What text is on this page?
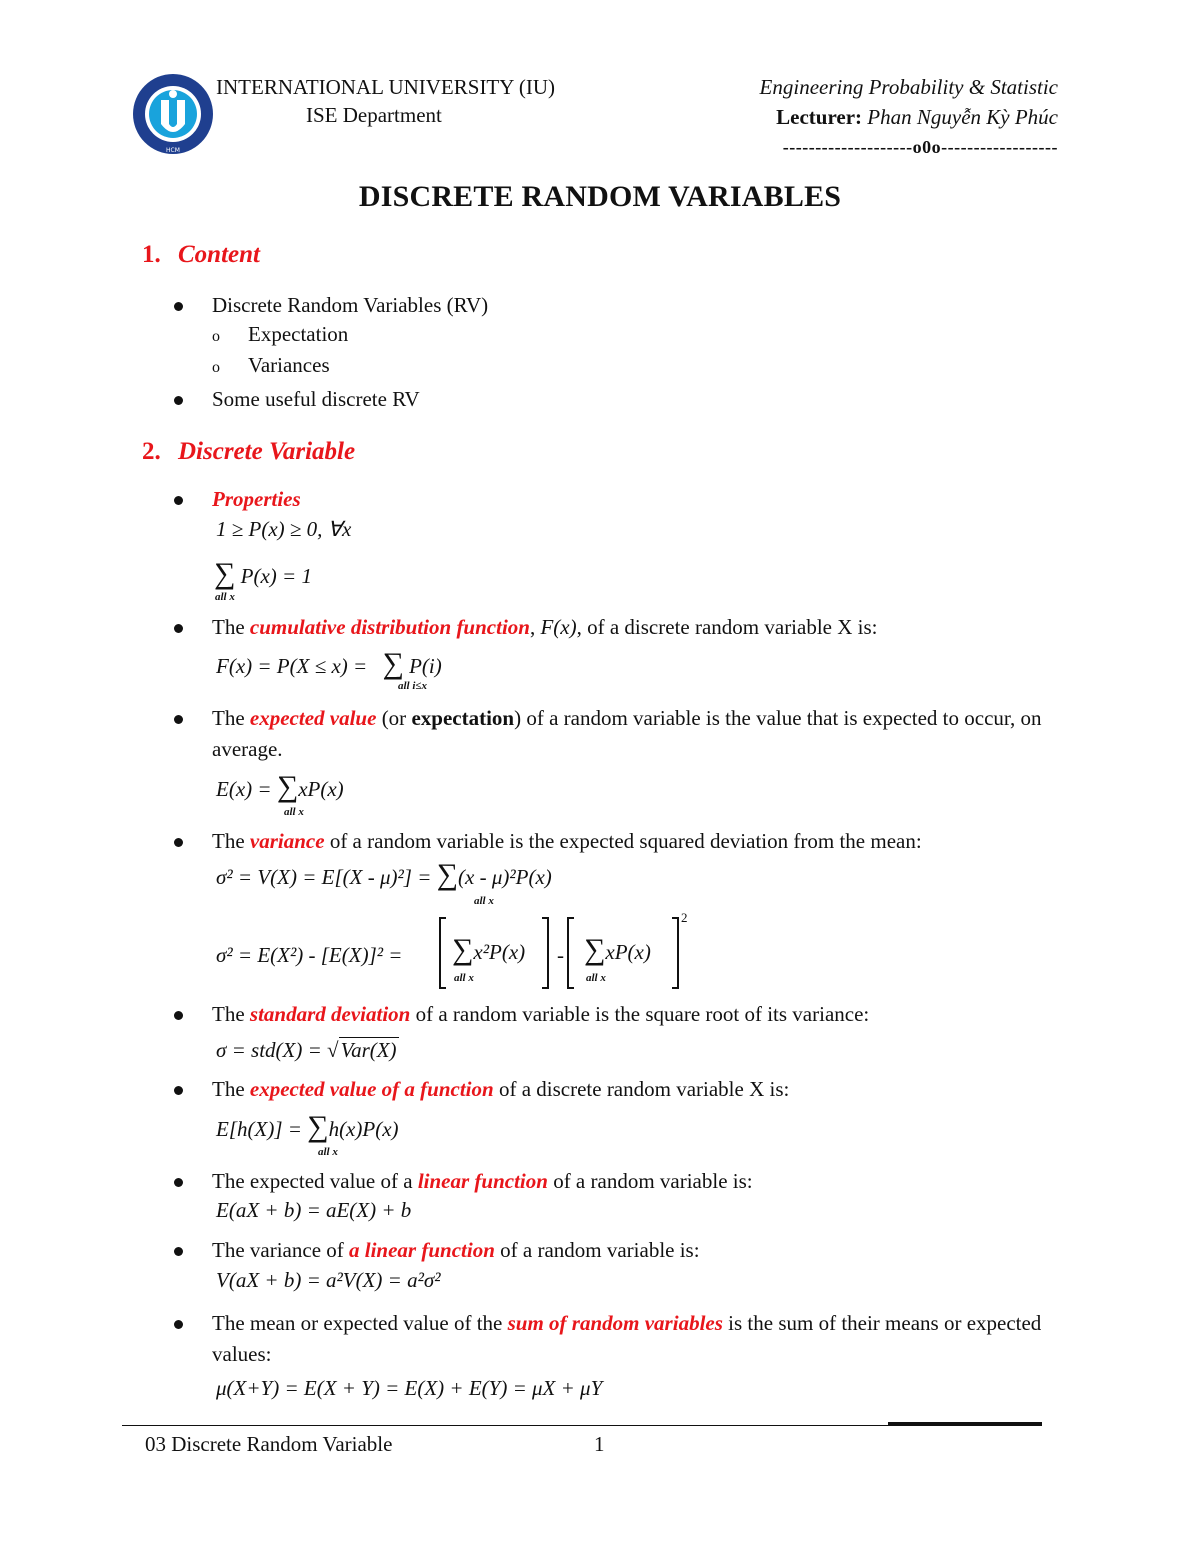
HCM
INTERNATIONAL UNIVERSITY (IU)
ISE Department
Engineering Probability & Statistic
Lecturer: Phan Nguyễn Kỳ Phúc
--------------------o0o------------------
DISCRETE RANDOM VARIABLES
1. Content
Discrete Random Variables (RV)
o Expectation
o Variances
Some useful discrete RV
2. Discrete Variable
Properties
1 ≥ P(x) ≥ 0, ∀x
∑ P(x) = 1
all x
The cumulative distribution function, F(x), of a discrete random variable X is:
F(x) = P(X ≤ x) = ∑ P(i)
all i≤x
The expected value (or expectation) of a random variable is the value that is expected to occur, on average.
E(x) = ∑xP(x)
all x
The variance of a random variable is the expected squared deviation from the mean:
σ² = V(X) = E[(X - μ)²] = ∑(x - μ)²P(x)
all x
σ² = E(X²) - [E(X)]² = ∑x²P(x)
all x
- ∑xP(x)
all x
2
The standard deviation of a random variable is the square root of its variance:
σ = std(X) = √Var(X)
The expected value of a function of a discrete random variable X is:
E[h(X)] = ∑h(x)P(x)
all x
The expected value of a linear function of a random variable is:
E(aX + b) = aE(X) + b
The variance of a linear function of a random variable is:
V(aX + b) = a²V(X) = a²σ²
The mean or expected value of the sum of random variables is the sum of their means or expected values:
μ(X+Y) = E(X + Y) = E(X) + E(Y) = μX + μY
03 Discrete Random Variable	1
